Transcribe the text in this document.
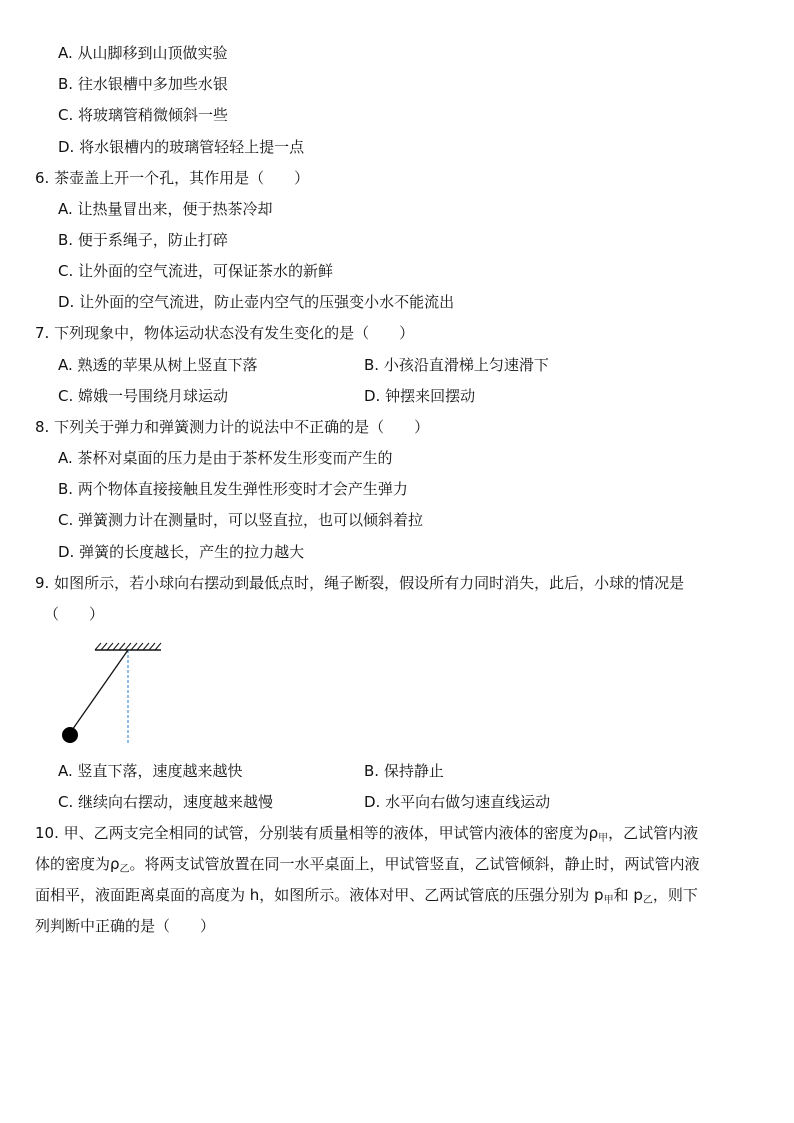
A. 从山脚移到山顶做实验
B. 往水银槽中多加些水银
C. 将玻璃管稍微倾斜一些
D. 将水银槽内的玻璃管轻轻上提一点
6. 茶壶盖上开一个孔，其作用是（　　）
A. 让热量冒出来，便于热茶冷却
B. 便于系绳子，防止打碎
C. 让外面的空气流进，可保证茶水的新鲜
D. 让外面的空气流进，防止壶内空气的压强变小水不能流出
7. 下列现象中，物体运动状态没有发生变化的是（　　）
A. 熟透的苹果从树上竖直下落	B. 小孩沿直滑梯上匀速滑下
C. 嫦娥一号围绕月球运动	D. 钟摆来回摆动
8. 下列关于弹力和弹簧测力计的说法中不正确的是（　　）
A. 茶杯对桌面的压力是由于茶杯发生形变而产生的
B. 两个物体直接接触且发生弹性形变时才会产生弹力
C. 弹簧测力计在测量时，可以竖直拉，也可以倾斜着拉
D. 弹簧的长度越长，产生的拉力越大
9. 如图所示，若小球向右摆动到最低点时，绳子断裂，假设所有力同时消失，此后，小球的情况是
（　　）
A. 竖直下落，速度越来越快	B. 保持静止
C. 继续向右摆动，速度越来越慢	D. 水平向右做匀速直线运动
10. 甲、乙两支完全相同的试管，分别装有质量相等的液体，甲试管内液体的密度为$\rho_甲$，乙试管内液
体的密度为$\rho_乙$。将两支试管放置在同一水平桌面上，甲试管竖直，乙试管倾斜，静止时，两试管内液
面相平，液面距离桌面的高度为 h，如图所示。液体对甲、乙两试管底的压强分别为 $p_甲$和 $p_乙$，则下
列判断中正确的是（　　）
